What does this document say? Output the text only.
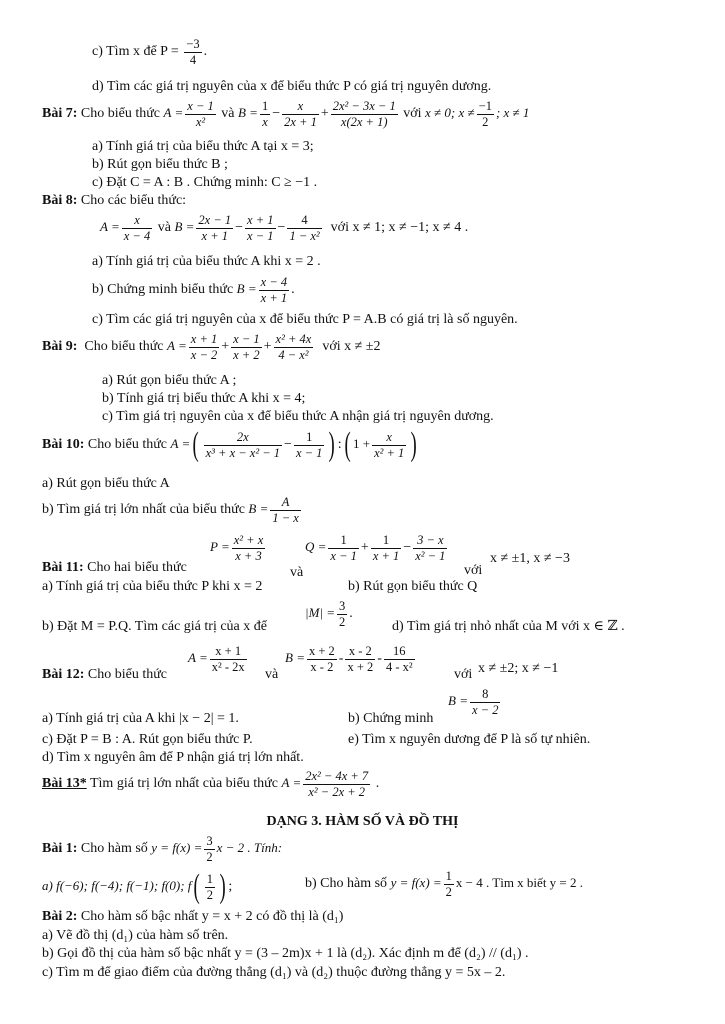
c) Tìm x để $P = \frac{-3}{4}$ .
d) Tìm các giá trị nguyên của x để biểu thức P có giá trị nguyên dương.
Bài 7: Cho biểu thức $A = \frac{x - 1}{\text{x²}}$ và $B = \frac{1}{x} - \frac{x}{2x + 1} + \frac{\text{2x² − 3x − 1}}{x(2x + 1)}$ với x ≠ 0; $x \ne \frac{-1}{2}$ ; x ≠ 1
a) Tính giá trị của biểu thức A tại x = 3;
b) Rút gọn biểu thức B ;
c) Đặt C = A : B . Chứng minh: C ≥ −1 .
Bài 8: Cho các biểu thức:
$A = \frac{x}{x - 4}$ và $B = \frac{2x - 1}{x + 1} - \frac{x + 1}{x - 1} - \frac{4}{\text{1 − x²}}$ với x ≠ 1; x ≠ −1; x ≠ 4 .
a) Tính giá trị của biểu thức A khi x = 2 .
b) Chứng minh biểu thức $B = \frac{x - 4}{x + 1}$ .
c) Tìm các giá trị nguyên của x để biểu thức P = A.B có giá trị là số nguyên.
Bài 9: Cho biểu thức $A = \frac{x + 1}{x - 2} + \frac{x - 1}{x + 2} + \frac{\text{x² + 4x}}{\text{4 − x²}}$ với x ≠ ±2
a) Rút gọn biểu thức A ;
b) Tính giá trị biểu thức A khi x = 4;
c) Tìm giá trị nguyên của x để biểu thức A nhận giá trị nguyên dương.
Bài 10: Cho biểu thức A =( $\frac{2x}{\text{x³ + x − x² − 1}} - \frac{1}{x - 1}$ ) :( $1 + \frac{x}{\text{x² + 1}}$ )
a) Rút gọn biểu thức A
b) Tìm giá trị lớn nhất của biểu thức $B = \frac{A}{1 - x}$
$P = \frac{\text{x² + x}}{x + 3}$
Bài 11: Cho hai biểu thức	và
$Q = \frac{1}{x - 1} + \frac{1}{x + 1} - \frac{3 - x}{\text{x² − 1}}$
với
x ≠ ±1, x ≠ −3
a) Tính giá trị của biểu thức P khi x = 2	b) Rút gọn biểu thức Q
b) Đặt M = P.Q. Tìm các giá trị của x để
$|M| = \frac{3}{2}$ .
d) Tìm giá trị nhỏ nhất của M với x ∈ ℤ .
$A = \frac{x + 1}{\text{x² - 2x}}$
Bài 12: Cho biểu thức	và
$B = \frac{x + 2}{x - 2} - \frac{x - 2}{x + 2} - \frac{16}{\text{4 - x²}}$
với x ≠ ±2; x ≠ −1
a) Tính giá trị của A khi |x − 2| = 1.	b) Chứng minh
$B = \frac{8}{x - 2}$
c) Đặt P = B : A. Rút gọn biểu thức P.	e) Tìm x nguyên dương để P là số tự nhiên.
d) Tìm x nguyên âm để P nhận giá trị lớn nhất.
Bài 13* Tìm giá trị lớn nhất của biểu thức $A = \frac{\text{2x² − 4x + 7}}{\text{x² − 2x + 2}}$ .
DẠNG 3. HÀM SỐ VÀ ĐỒ THỊ
Bài 1: Cho hàm số $y = f(x) = \frac{3}{2}$ x − 2 . Tính:
a) f(−6); f(−4); f(−1); f(0); $f( \frac{1}{2}$ ) ;	b) Cho hàm số $y = f(x) = \frac{1}{2}$ x − 4 . Tìm x biết y = 2 .
Bài 2: Cho hàm số bậc nhất y = x + 2 có đồ thị là (d₁)
a) Vẽ đồ thị (d₁) của hàm số trên.
b) Gọi đồ thị của hàm số bậc nhất y = (3 – 2m)x + 1 là (d₂). Xác định m để (d₂) // (d₁) .
c) Tìm m để giao điểm của đường thẳng (d₁) và (d₂) thuộc đường thẳng y = 5x – 2.
